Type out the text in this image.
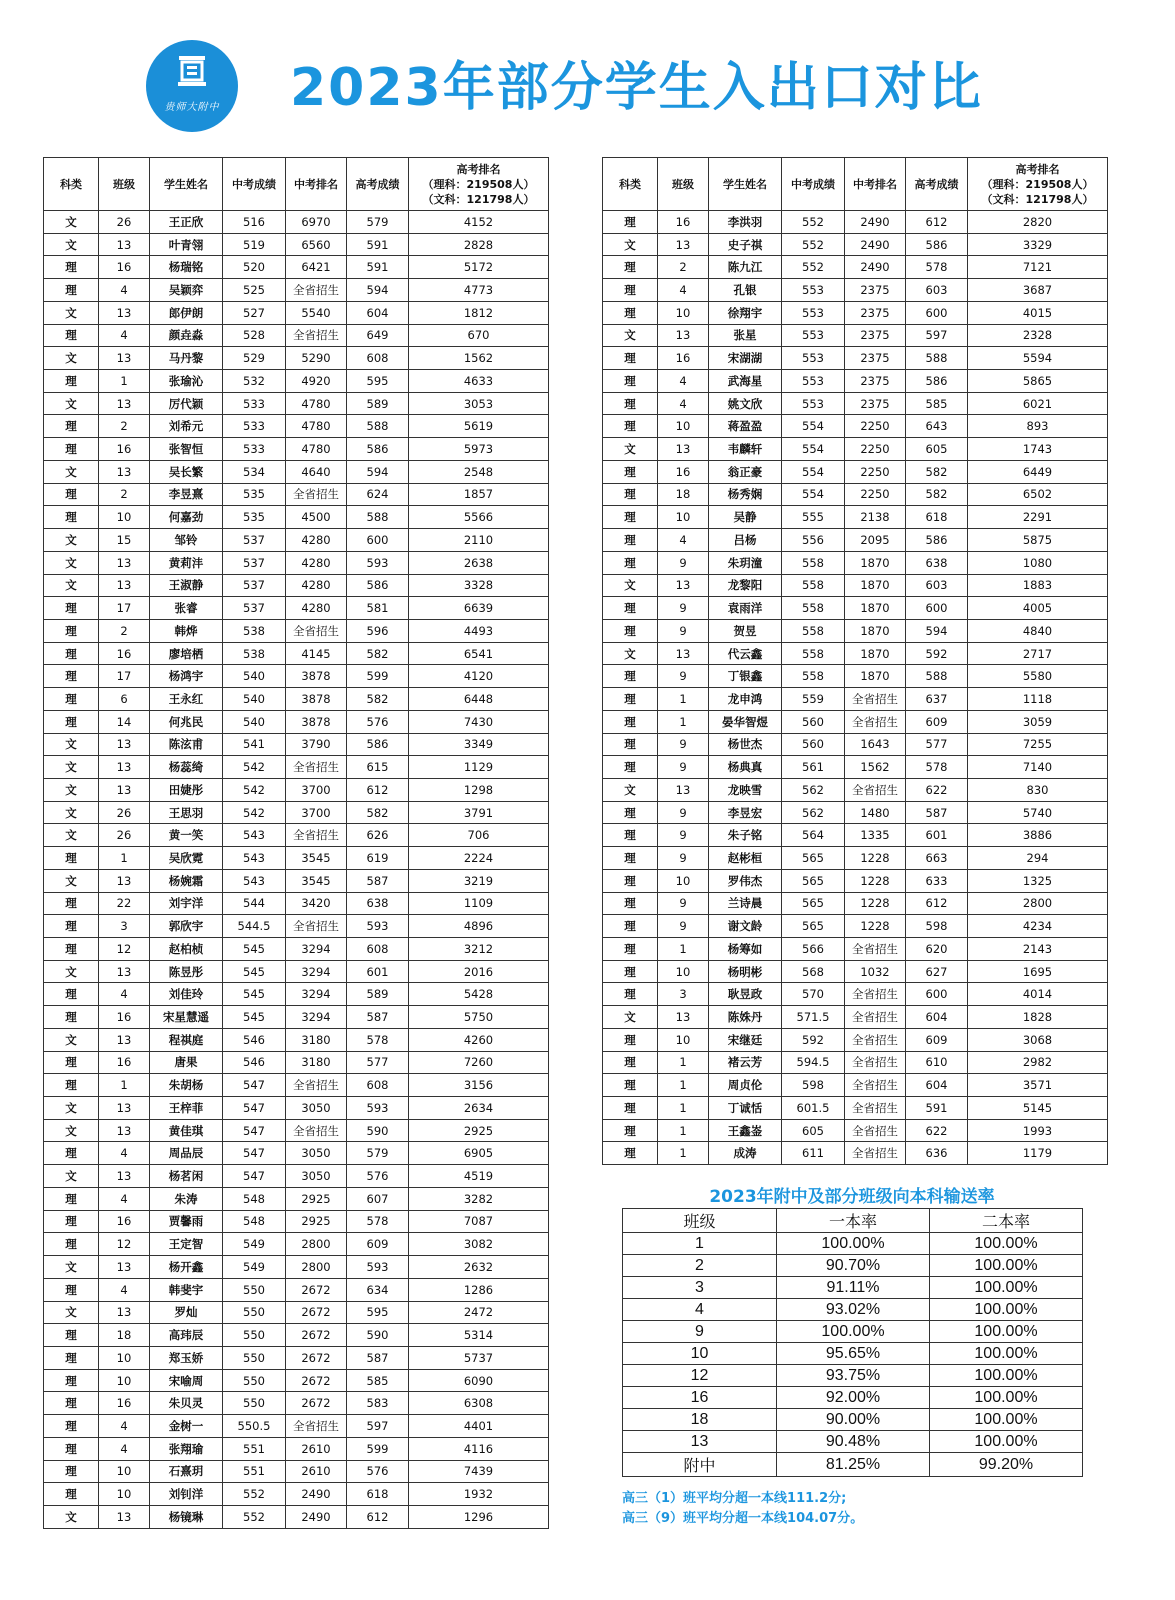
贵师大附中	2023年部分学生入出口对比
科类	班级	学生姓名	中考成绩	中考排名	高考成绩	高考排名
（理科：219508人）
（文科：121798人）

文	26	王正欣	516	6970	579	4152
文	13	叶青翎	519	6560	591	2828
理	16	杨瑞铭	520	6421	591	5172
理	4	吴颖弈	525	全省招生	594	4773
文	13	郎伊朗	527	5540	604	1812
理	4	颜垚淼	528	全省招生	649	670
文	13	马丹黎	529	5290	608	1562
理	1	张瑜沁	532	4920	595	4633
文	13	厉代颖	533	4780	589	3053
理	2	刘希元	533	4780	588	5619
理	16	张智恒	533	4780	586	5973
文	13	吴长繁	534	4640	594	2548
理	2	李昱熹	535	全省招生	624	1857
理	10	何嘉劲	535	4500	588	5566
文	15	邹铃	537	4280	600	2110
文	13	黄莉沣	537	4280	593	2638
文	13	王淑静	537	4280	586	3328
理	17	张睿	537	4280	581	6639
理	2	韩烨	538	全省招生	596	4493
理	16	廖培栖	538	4145	582	6541
理	17	杨鸿宇	540	3878	599	4120
理	6	王永红	540	3878	582	6448
理	14	何兆民	540	3878	576	7430
文	13	陈泫甫	541	3790	586	3349
文	13	杨蕊绮	542	全省招生	615	1129
文	13	田婕彤	542	3700	612	1298
文	26	王思羽	542	3700	582	3791
文	26	黄一笑	543	全省招生	626	706
理	1	吴欣霓	543	3545	619	2224
文	13	杨婉霜	543	3545	587	3219
理	22	刘宇洋	544	3420	638	1109
理	3	郭欣宇	544.5	全省招生	593	4896
理	12	赵柏桢	545	3294	608	3212
文	13	陈昱彤	545	3294	601	2016
理	4	刘佳玲	545	3294	589	5428
理	16	宋星慧遥	545	3294	587	5750
文	13	程祺庭	546	3180	578	4260
理	16	唐果	546	3180	577	7260
理	1	朱胡杨	547	全省招生	608	3156
文	13	王梓菲	547	3050	593	2634
文	13	黄佳琪	547	全省招生	590	2925
理	4	周品辰	547	3050	579	6905
文	13	杨茗闲	547	3050	576	4519
理	4	朱涛	548	2925	607	3282
理	16	贾馨雨	548	2925	578	7087
理	12	王定智	549	2800	609	3082
文	13	杨开鑫	549	2800	593	2632
理	4	韩斐宇	550	2672	634	1286
文	13	罗灿	550	2672	595	2472
理	18	高玮辰	550	2672	590	5314
理	10	郑玉娇	550	2672	587	5737
理	10	宋喻周	550	2672	585	6090
理	16	朱贝灵	550	2672	583	6308
理	4	金树一	550.5	全省招生	597	4401
理	4	张翔瑜	551	2610	599	4116
理	10	石熹玥	551	2610	576	7439
理	10	刘钊洋	552	2490	618	1932
文	13	杨镜琳	552	2490	612	1296
科类	班级	学生姓名	中考成绩	中考排名	高考成绩	高考排名
（理科：219508人）
（文科：121798人）

理	16	李洪羽	552	2490	612	2820
文	13	史子祺	552	2490	586	3329
理	2	陈九江	552	2490	578	7121
理	4	孔银	553	2375	603	3687
理	10	徐翔宇	553	2375	600	4015
文	13	张星	553	2375	597	2328
理	16	宋湖湖	553	2375	588	5594
理	4	武海星	553	2375	586	5865
理	4	姚文欣	553	2375	585	6021
理	10	蒋盈盈	554	2250	643	893
文	13	韦麟轩	554	2250	605	1743
理	16	翁正豪	554	2250	582	6449
理	18	杨秀娴	554	2250	582	6502
理	10	吴静	555	2138	618	2291
理	4	吕杨	556	2095	586	5875
理	9	朱玥潼	558	1870	638	1080
文	13	龙黎阳	558	1870	603	1883
理	9	袁雨洋	558	1870	600	4005
理	9	贺昱	558	1870	594	4840
文	13	代云鑫	558	1870	592	2717
理	9	丁银鑫	558	1870	588	5580
理	1	龙申鸿	559	全省招生	637	1118
理	1	晏华智煜	560	全省招生	609	3059
理	9	杨世杰	560	1643	577	7255
理	9	杨典真	561	1562	578	7140
文	13	龙映雪	562	全省招生	622	830
理	9	李昱宏	562	1480	587	5740
理	9	朱子铭	564	1335	601	3886
理	9	赵彬桓	565	1228	663	294
理	10	罗伟杰	565	1228	633	1325
理	9	兰诗晨	565	1228	612	2800
理	9	谢文龄	565	1228	598	4234
理	1	杨筹如	566	全省招生	620	2143
理	10	杨明彬	568	1032	627	1695
理	3	耿昱政	570	全省招生	600	4014
文	13	陈姝丹	571.5	全省招生	604	1828
理	10	宋继廷	592	全省招生	609	3068
理	1	褚云芳	594.5	全省招生	610	2982
理	1	周贞伦	598	全省招生	604	3571
理	1	丁诚恬	601.5	全省招生	591	5145
理	1	王鑫崟	605	全省招生	622	1993
理	1	成涛	611	全省招生	636	1179
2023年附中及部分班级向本科输送率
班级	一本率	二本率
1	100.00%	100.00%
2	90.70%	100.00%
3	91.11%	100.00%
4	93.02%	100.00%
9	100.00%	100.00%
10	95.65%	100.00%
12	93.75%	100.00%
16	92.00%	100.00%
18	90.00%	100.00%
13	90.48%	100.00%
附中	81.25%	99.20%
高三（1）班平均分超一本线111.2分;
高三（9）班平均分超一本线104.07分。
